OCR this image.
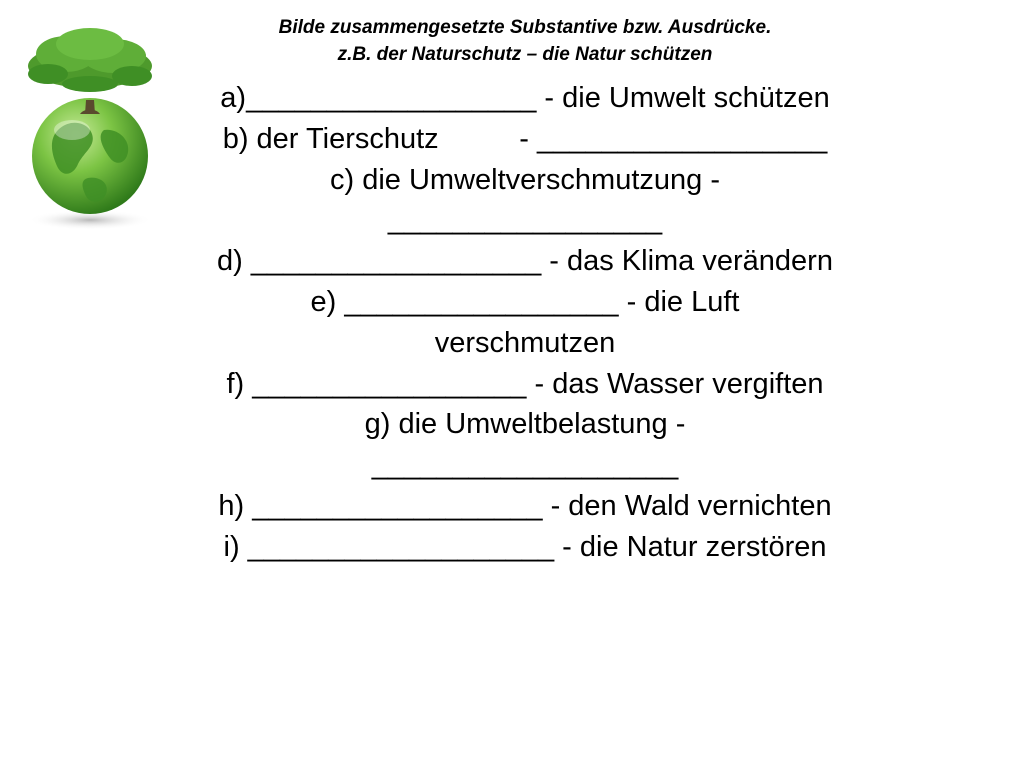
Bilde zusammengesetzte Substantive bzw. Ausdrücke.
z.B. der Naturschutz – die Natur schützen
a)__________________ - die Umwelt schützen
b) der Tierschutz          - __________________
c) die Umweltverschmutzung -
_________________
d) __________________ - das Klima verändern
e) _________________ - die Luft
verschmutzen
f) _________________ - das Wasser vergiften
g) die Umweltbelastung -
___________________
h) __________________ - den Wald vernichten
i) ___________________ - die Natur zerstören
